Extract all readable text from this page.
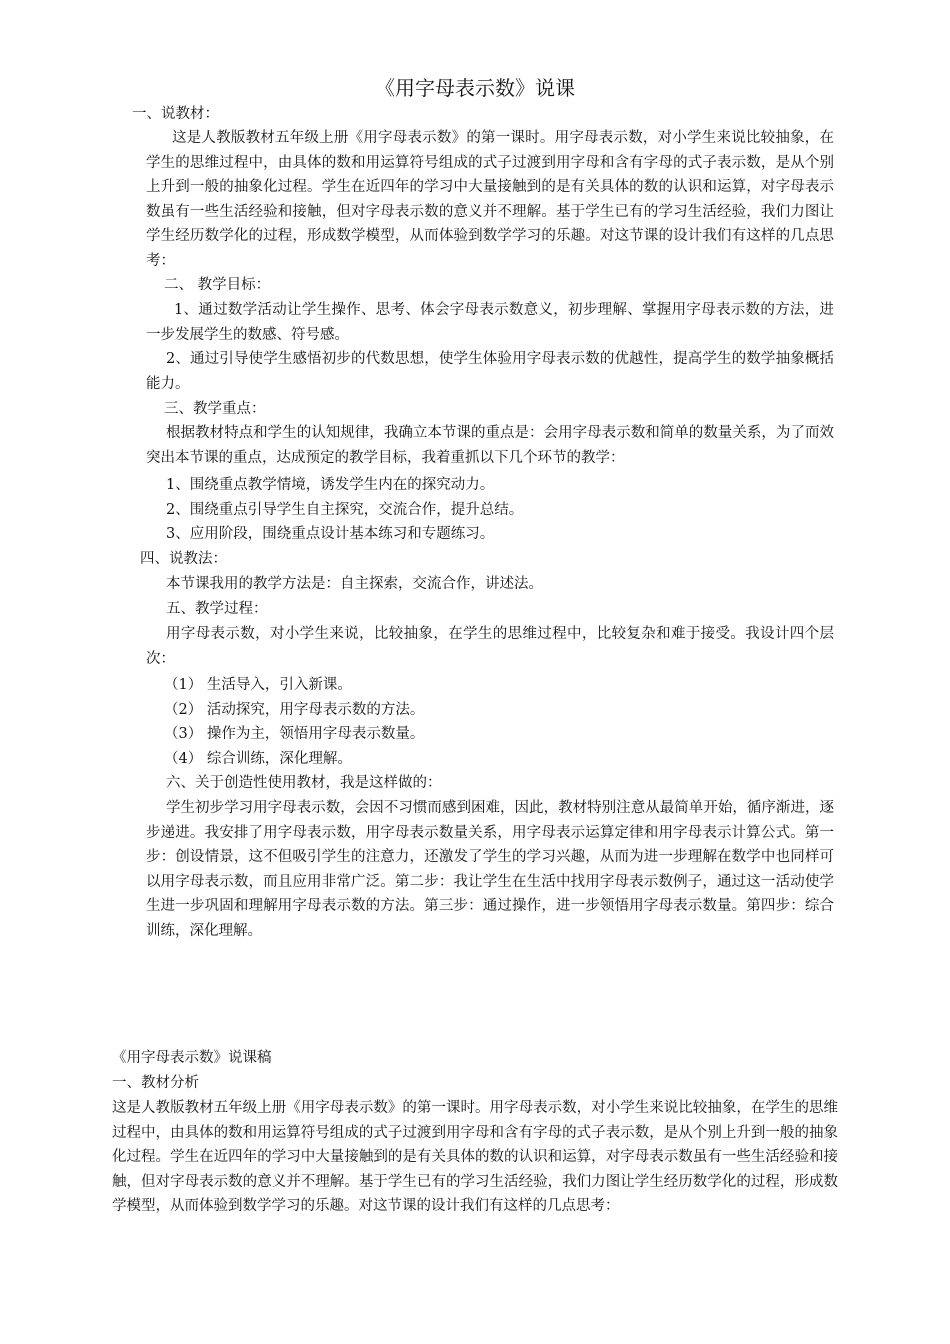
《用字母表示数》说课

一、说教材：

这是人教版教材五年级上册《用字母表示数》的第一课时。用字母表示数，对小学生来说比较抽象，在学生的思维过程中，由具体的数和用运算符号组成的式子过渡到用字母和含有字母的式子表示数，是从个别上升到一般的抽象化过程。学生在近四年的学习中大量接触到的是有关具体的数的认识和运算，对字母表示数虽有一些生活经验和接触，但对字母表示数的意义并不理解。基于学生已有的学习生活经验，我们力图让学生经历数学化的过程，形成数学模型，从而体验到数学学习的乐趣。对这节课的设计我们有这样的几点思考：

二、 教学目标：

1、通过数学活动让学生操作、思考、体会字母表示数意义，初步理解、掌握用字母表示数的方法，进一步发展学生的数感、符号感。

2、通过引导使学生感悟初步的代数思想，使学生体验用字母表示数的优越性，提高学生的数学抽象概括能力。

三、教学重点：

根据教材特点和学生的认知规律，我确立本节课的重点是：会用字母表示数和简单的数量关系，为了而效突出本节课的重点，达成预定的教学目标，我着重抓以下几个环节的教学：

1、围绕重点教学情境，诱发学生内在的探究动力。

2、围绕重点引导学生自主探究，交流合作，提升总结。

3、应用阶段，围绕重点设计基本练习和专题练习。

四、说教法：

本节课我用的教学方法是：自主探索，交流合作，讲述法。

五、教学过程：

用字母表示数，对小学生来说，比较抽象，在学生的思维过程中，比较复杂和难于接受。我设计四个层次：

（1） 生活导入，引入新课。

（2） 活动探究，用字母表示数的方法。

（3） 操作为主，领悟用字母表示数量。

（4） 综合训练，深化理解。

六、关于创造性使用教材，我是这样做的：

学生初步学习用字母表示数，会因不习惯而感到困难，因此，教材特别注意从最简单开始，循序渐进，逐步递进。我安排了用字母表示数，用字母表示数量关系，用字母表示运算定律和用字母表示计算公式。第一步：创设情景，这不但吸引学生的注意力，还激发了学生的学习兴趣，从而为进一步理解在数学中也同样可以用字母表示数，而且应用非常广泛。第二步：我让学生在生活中找用字母表示数例子，通过这一活动使学生进一步巩固和理解用字母表示数的方法。第三步：通过操作，进一步领悟用字母表示数量。第四步：综合训练，深化理解。

《用字母表示数》说课稿

一、教材分析

这是人教版教材五年级上册《用字母表示数》的第一课时。用字母表示数，对小学生来说比较抽象，在学生的思维过程中，由具体的数和用运算符号组成的式子过渡到用字母和含有字母的式子表示数，是从个别上升到一般的抽象化过程。学生在近四年的学习中大量接触到的是有关具体的数的认识和运算，对字母表示数虽有一些生活经验和接触，但对字母表示数的意义并不理解。基于学生已有的学习生活经验，我们力图让学生经历数学化的过程，形成数学模型，从而体验到数学学习的乐趣。对这节课的设计我们有这样的几点思考：
